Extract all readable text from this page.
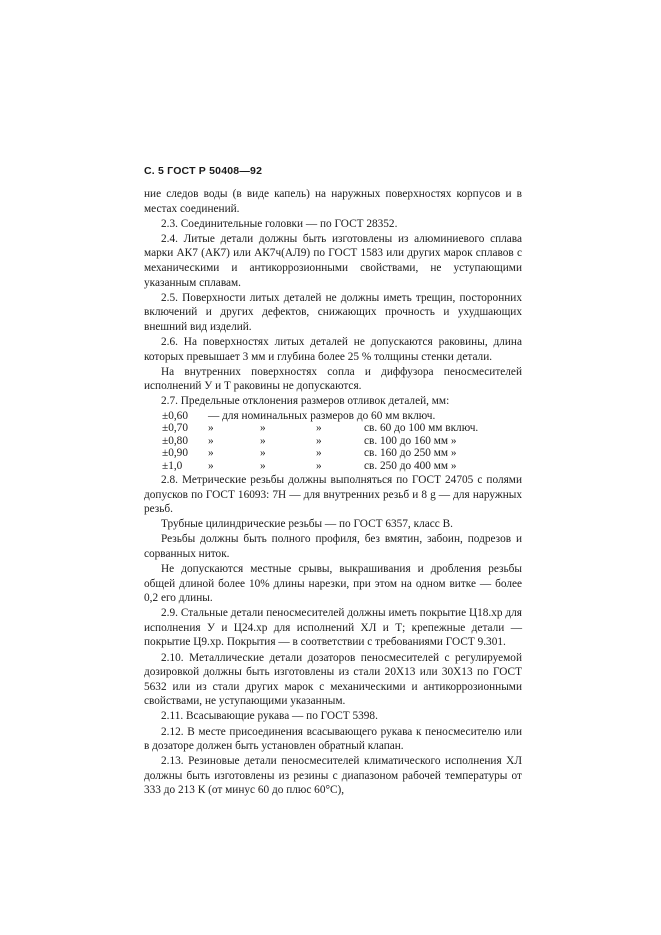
С. 5 ГОСТ Р 50408—92

ние следов воды (в виде капель) на наружных поверхностях корпусов и в местах соединений.

2.3. Соединительные головки — по ГОСТ 28352.

2.4. Литые детали должны быть изготовлены из алюминиевого сплава марки АК7 (АК7) или АК7ч(АЛ9) по ГОСТ 1583 или других марок сплавов с механическими и антикоррозионными свойствами, не уступающими указанным сплавам.

2.5. Поверхности литых деталей не должны иметь трещин, посторонних включений и других дефектов, снижающих прочность и ухудшающих внешний вид изделий.

2.6. На поверхностях литых деталей не допускаются раковины, длина которых превышает 3 мм и глубина более 25 % толщины стенки детали.

На внутренних поверхностях сопла и диффузора пеносмесителей исполнений У и Т раковины не допускаются.

2.7. Предельные отклонения размеров отливок деталей, мм:

±0,60	— для номинальных размеров до 60 мм включ.			
±0,70	»	»	»	св. 60 до 100 мм включ.
±0,80	»	»	»	св. 100 до 160 мм »
±0,90	»	»	»	св. 160 до 250 мм »
±1,0	»	»	»	св. 250 до 400 мм »

2.8. Метрические резьбы должны выполняться по ГОСТ 24705 с полями допусков по ГОСТ 16093: 7Н — для внутренних резьб и 8 g — для наружных резьб.

Трубные цилиндрические резьбы — по ГОСТ 6357, класс В.

Резьбы должны быть полного профиля, без вмятин, забоин, подрезов и сорванных ниток.

Не допускаются местные срывы, выкрашивания и дробления резьбы общей длиной более 10% длины нарезки, при этом на одном витке — более 0,2 его длины.

2.9. Стальные детали пеносмесителей должны иметь покрытие Ц18.хр для исполнения У и Ц24.хр для исполнений ХЛ и Т; крепежные детали — покрытие Ц9.хр. Покрытия — в соответствии с требованиями ГОСТ 9.301.

2.10. Металлические детали дозаторов пеносмесителей с регулируемой дозировкой должны быть изготовлены из стали 20Х13 или 30Х13 по ГОСТ 5632 или из стали других марок с механическими и антикоррозионными свойствами, не уступающими указанным.

2.11. Всасывающие рукава — по ГОСТ 5398.

2.12. В месте присоединения всасывающего рукава к пеносмесителю или в дозаторе должен быть установлен обратный клапан.

2.13. Резиновые детали пеносмесителей климатического исполнения ХЛ должны быть изготовлены из резины с диапазоном рабочей температуры от 333 до 213 К (от минус 60 до плюс 60°С),
